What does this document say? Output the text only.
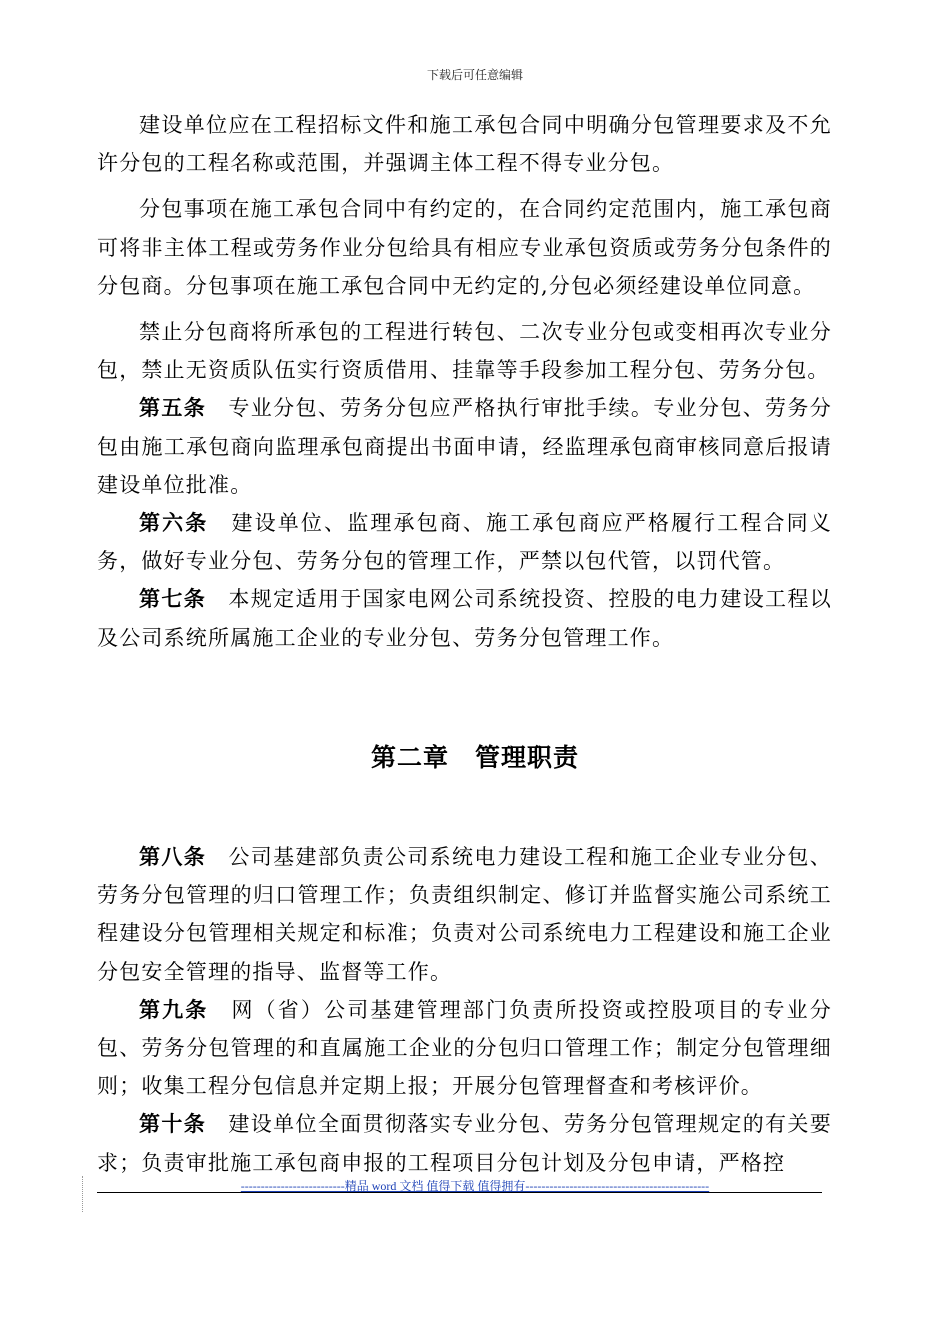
下载后可任意编辑

建设单位应在工程招标文件和施工承包合同中明确分包管理要求及不允许分包的工程名称或范围，并强调主体工程不得专业分包。

分包事项在施工承包合同中有约定的，在合同约定范围内，施工承包商可将非主体工程或劳务作业分包给具有相应专业承包资质或劳务分包条件的分包商。分包事项在施工承包合同中无约定的,分包必须经建设单位同意。

禁止分包商将所承包的工程进行转包、二次专业分包或变相再次专业分包，禁止无资质队伍实行资质借用、挂靠等手段参加工程分包、劳务分包。

第五条　专业分包、劳务分包应严格执行审批手续。专业分包、劳务分包由施工承包商向监理承包商提出书面申请，经监理承包商审核同意后报请建设单位批准。

第六条　建设单位、监理承包商、施工承包商应严格履行工程合同义务，做好专业分包、劳务分包的管理工作，严禁以包代管，以罚代管。

第七条　本规定适用于国家电网公司系统投资、控股的电力建设工程以及公司系统所属施工企业的专业分包、劳务分包管理工作。

第二章　管理职责

第八条　公司基建部负责公司系统电力建设工程和施工企业专业分包、劳务分包管理的归口管理工作；负责组织制定、修订并监督实施公司系统工程建设分包管理相关规定和标准；负责对公司系统电力工程建设和施工企业分包安全管理的指导、监督等工作。

第九条　网（省）公司基建管理部门负责所投资或控股项目的专业分包、劳务分包管理的和直属施工企业的分包归口管理工作；制定分包管理细则；收集工程分包信息并定期上报；开展分包管理督查和考核评价。

第十条　建设单位全面贯彻落实专业分包、劳务分包管理规定的有关要求；负责审批施工承包商申报的工程项目分包计划及分包申请，严格控

--------------------------精品 word 文档 值得下载 值得拥有----------------------------------------------
